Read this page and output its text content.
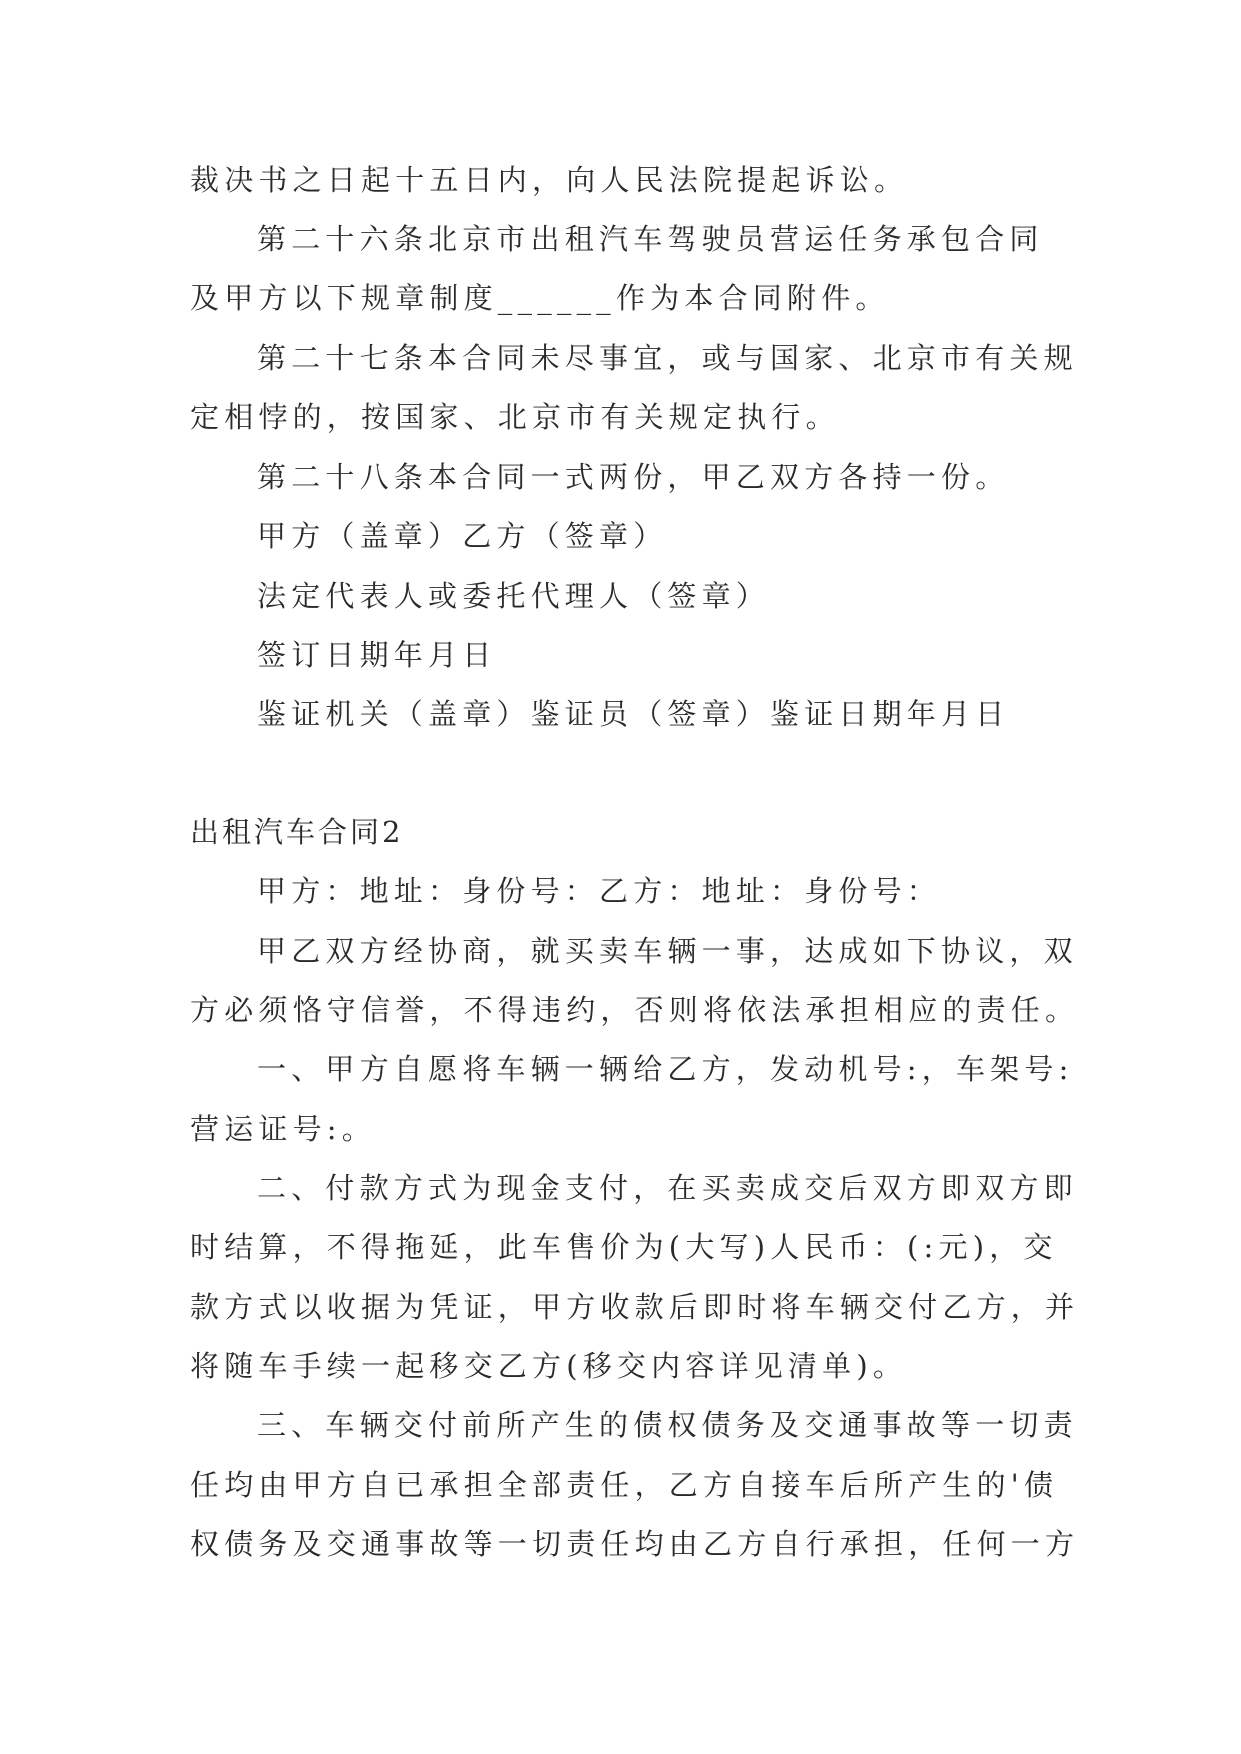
裁决书之日起十五日内，向人民法院提起诉讼。
第二十六条北京市出租汽车驾驶员营运任务承包合同
及甲方以下规章制度______作为本合同附件。
第二十七条本合同未尽事宜，或与国家、北京市有关规
定相悖的，按国家、北京市有关规定执行。
第二十八条本合同一式两份，甲乙双方各持一份。
甲方（盖章）乙方（签章）
法定代表人或委托代理人（签章）
签订日期年月日
鉴证机关（盖章）鉴证员（签章）鉴证日期年月日
出租汽车合同2
甲方：地址：身份号：乙方：地址：身份号：
甲乙双方经协商，就买卖车辆一事，达成如下协议，双
方必须恪守信誉，不得违约，否则将依法承担相应的责任。
一、甲方自愿将车辆一辆给乙方，发动机号:，车架号:
营运证号:。
二、付款方式为现金支付，在买卖成交后双方即双方即
时结算，不得拖延，此车售价为(大写)人民币：(:元)，交
款方式以收据为凭证，甲方收款后即时将车辆交付乙方，并
将随车手续一起移交乙方(移交内容详见清单)。
三、车辆交付前所产生的债权债务及交通事故等一切责
任均由甲方自已承担全部责任，乙方自接车后所产生的'债
权债务及交通事故等一切责任均由乙方自行承担，任何一方
